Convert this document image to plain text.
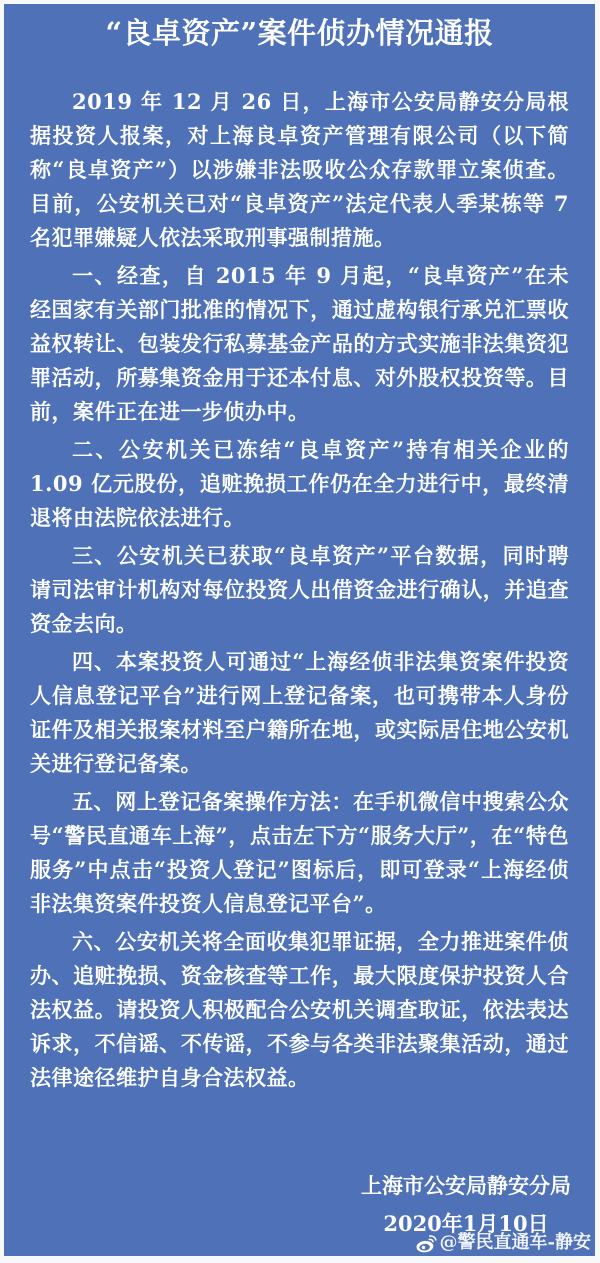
“良卓资产”案件侦办情况通报

2019 年 12 月 26 日，上海市公安局静安分局根据投资人报案，对上海良卓资产管理有限公司（以下简称“良卓资产”）以涉嫌非法吸收公众存款罪立案侦查。目前，公安机关已对“良卓资产”法定代表人季某栋等 7 名犯罪嫌疑人依法采取刑事强制措施。

一、经查，自 2015 年 9 月起，“良卓资产”在未经国家有关部门批准的情况下，通过虚构银行承兑汇票收益权转让、包装发行私募基金产品的方式实施非法集资犯罪活动，所募集资金用于还本付息、对外股权投资等。目前，案件正在进一步侦办中。

二、公安机关已冻结“良卓资产”持有相关企业的 1.09 亿元股份，追赃挽损工作仍在全力进行中，最终清退将由法院依法进行。

三、公安机关已获取“良卓资产”平台数据，同时聘请司法审计机构对每位投资人出借资金进行确认，并追查资金去向。

四、本案投资人可通过“上海经侦非法集资案件投资人信息登记平台”进行网上登记备案，也可携带本人身份证件及相关报案材料至户籍所在地，或实际居住地公安机关进行登记备案。

五、网上登记备案操作方法：在手机微信中搜索公众号“警民直通车上海”，点击左下方“服务大厅”，在“特色服务”中点击“投资人登记”图标后，即可登录“上海经侦非法集资案件投资人信息登记平台”。

六、公安机关将全面收集犯罪证据，全力推进案件侦办、追赃挽损、资金核查等工作，最大限度保护投资人合法权益。请投资人积极配合公安机关调查取证，依法表达诉求，不信谣、不传谣，不参与各类非法聚集活动，通过法律途径维护自身合法权益。

上海市公安局静安分局
2020年1月10日
@警民直通车-静安
